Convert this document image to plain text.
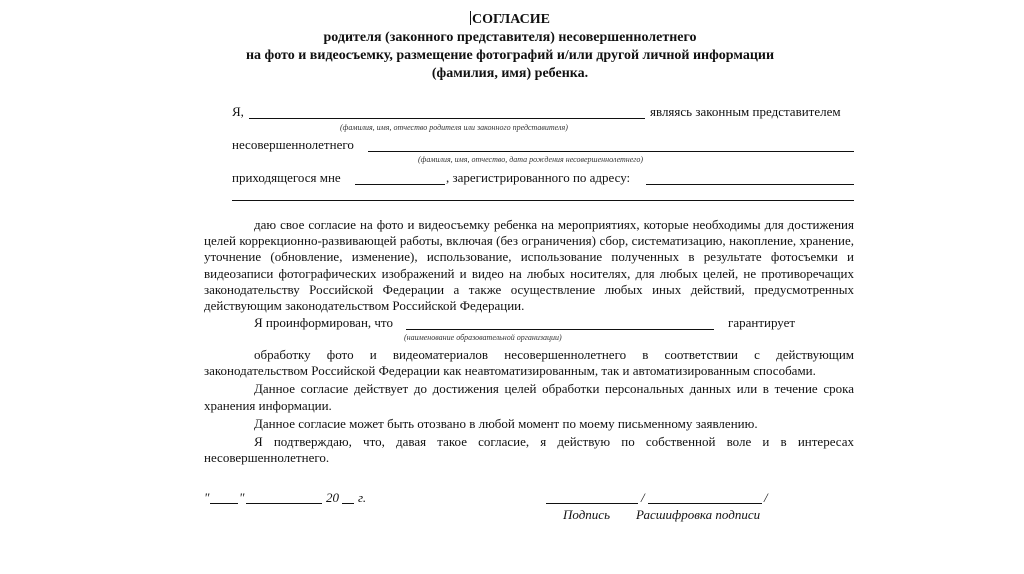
СОГЛАСИЕ
родителя (законного представителя) несовершеннолетнего
на фото и видеосъемку, размещение фотографий и/или другой личной информации
(фамилия, имя) ребенка.
Я,	являясь законным представителем
(фамилия, имя, отчество родителя или законного представителя)
несовершеннолетнего
(фамилия, имя, отчество, дата рождения несовершеннолетнего)
приходящегося мне	, зарегистрированного по адресу:

даю свое согласие на фото и видеосъемку ребенка на мероприятиях, которые необходимы для достижения целей коррекционно-развивающей работы, включая (без ограничения) сбор, систематизацию, накопление, хранение, уточнение (обновление, изменение), использование, использование полученных в результате фотосъемки и видеозаписи фотографических изображений и видео на любых носителях, для любых целей, не противоречащих законодательству Российской Федерации а также осуществление любых иных действий, предусмотренных действующим законодательством Российской Федерации.

Я проинформирован, что	гарантирует
(наименование образовательной организации)

обработку фото и видеоматериалов несовершеннолетнего в соответствии с действующим законодательством Российской Федерации как неавтоматизированным, так и автоматизированным способами.

Данное согласие действует до достижения целей обработки персональных данных или в течение срока хранения информации.

Данное согласие может быть отозвано в любой момент по моему письменному заявлению.

Я подтверждаю, что, давая такое согласие, я действую по собственной воле и в интересах несовершеннолетнего.

" "	20 г.	/	/
Подпись Расшифровка подписи
